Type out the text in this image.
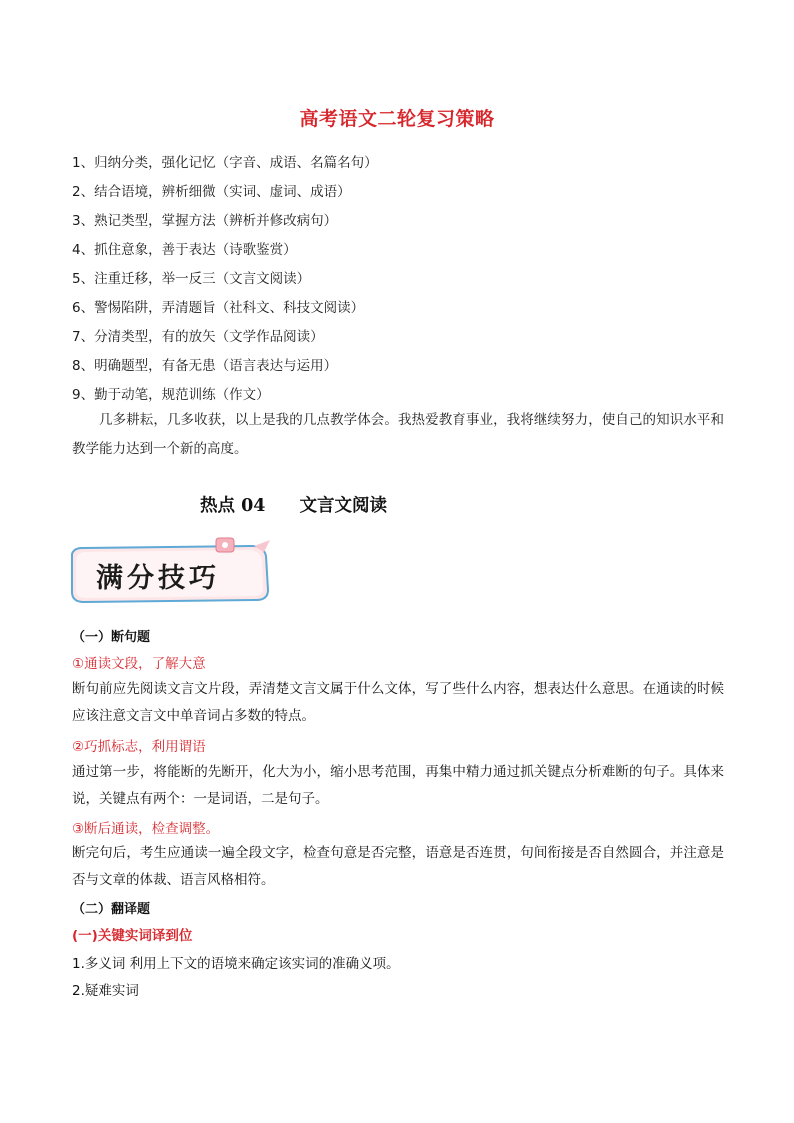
高考语文二轮复习策略
1、归纳分类，强化记忆（字音、成语、名篇名句）
2、结合语境，辨析细微（实词、虚词、成语）
3、熟记类型，掌握方法（辨析并修改病句）
4、抓住意象，善于表达（诗歌鉴赏）
5、注重迁移，举一反三（文言文阅读）
6、警惕陷阱，弄清题旨（社科文、科技文阅读）
7、分清类型，有的放矢（文学作品阅读）
8、明确题型，有备无患（语言表达与运用）
9、勤于动笔，规范训练（作文）
几多耕耘，几多收获，以上是我的几点教学体会。我热爱教育事业，我将继续努力，使自己的知识水平和教学能力达到一个新的高度。
热点 04 文言文阅读
满分技巧
（一）断句题
①通读文段，了解大意
断句前应先阅读文言文片段，弄清楚文言文属于什么文体，写了些什么内容，想表达什么意思。在通读的时候应该注意文言文中单音词占多数的特点。
②巧抓标志，利用谓语
通过第一步，将能断的先断开，化大为小，缩小思考范围，再集中精力通过抓关键点分析难断的句子。具体来说，关键点有两个：一是词语，二是句子。
③断后通读，检查调整。
断完句后，考生应通读一遍全段文字，检查句意是否完整，语意是否连贯，句间衔接是否自然圆合，并注意是否与文章的体裁、语言风格相符。
（二）翻译题
(一)关键实词译到位
1.多义词 利用上下文的语境来确定该实词的准确义项。
2.疑难实词
